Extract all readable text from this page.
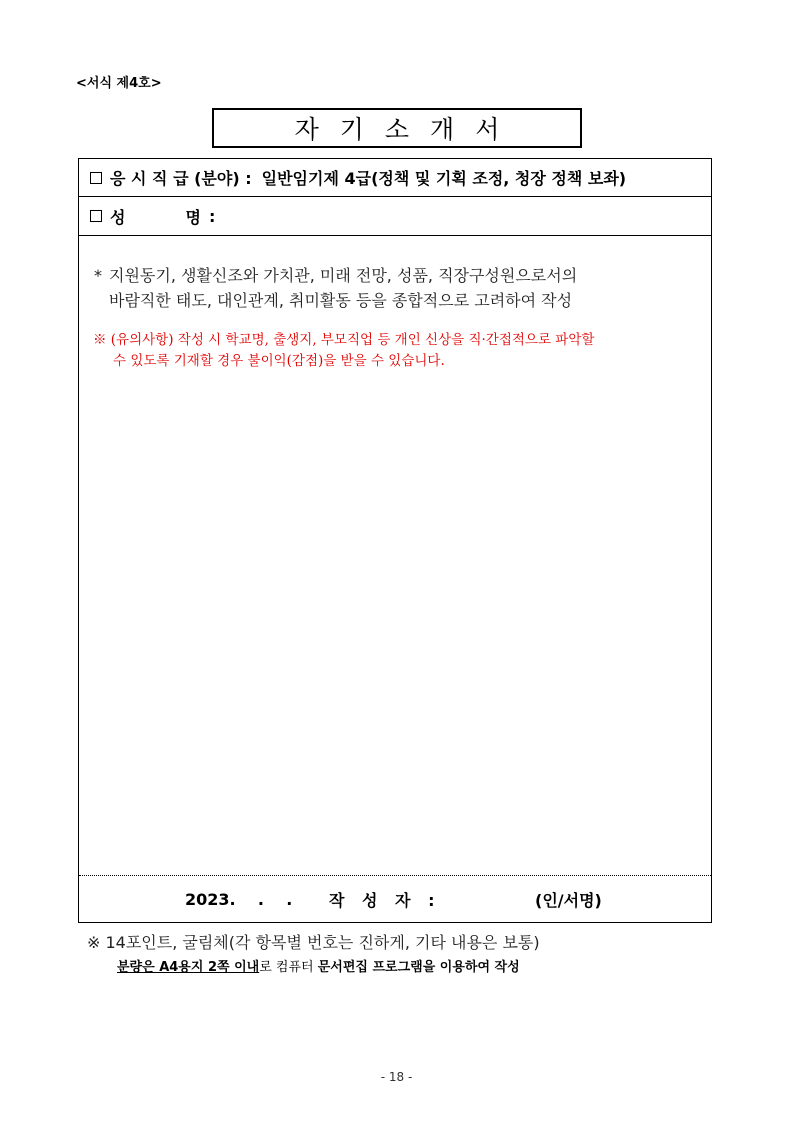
<서식 제4호>
자기소개서
응 시 직 급 (분야) : 일반임기제 4급(정책 및 기획 조정, 청장 정책 보좌)
성	명 :
* 지원동기, 생활신조와 가치관, 미래 전망, 성품, 직장구성원으로서의
바람직한 태도, 대인관계, 취미활동 등을 종합적으로 고려하여 작성
※ (유의사항) 작성 시 학교명, 출생지, 부모직업 등 개인 신상을 직·간접적으로 파악할
수 있도록 기재할 경우 불이익(감점)을 받을 수 있습니다.
2023.    .    . 작 성 자 :	(인/서명)
※ 14포인트, 굴림체(각 항목별 번호는 진하게, 기타 내용은 보통)
분량은 A4용지 2쪽 이내로 컴퓨터 문서편집 프로그램을 이용하여 작성
- 18 -
